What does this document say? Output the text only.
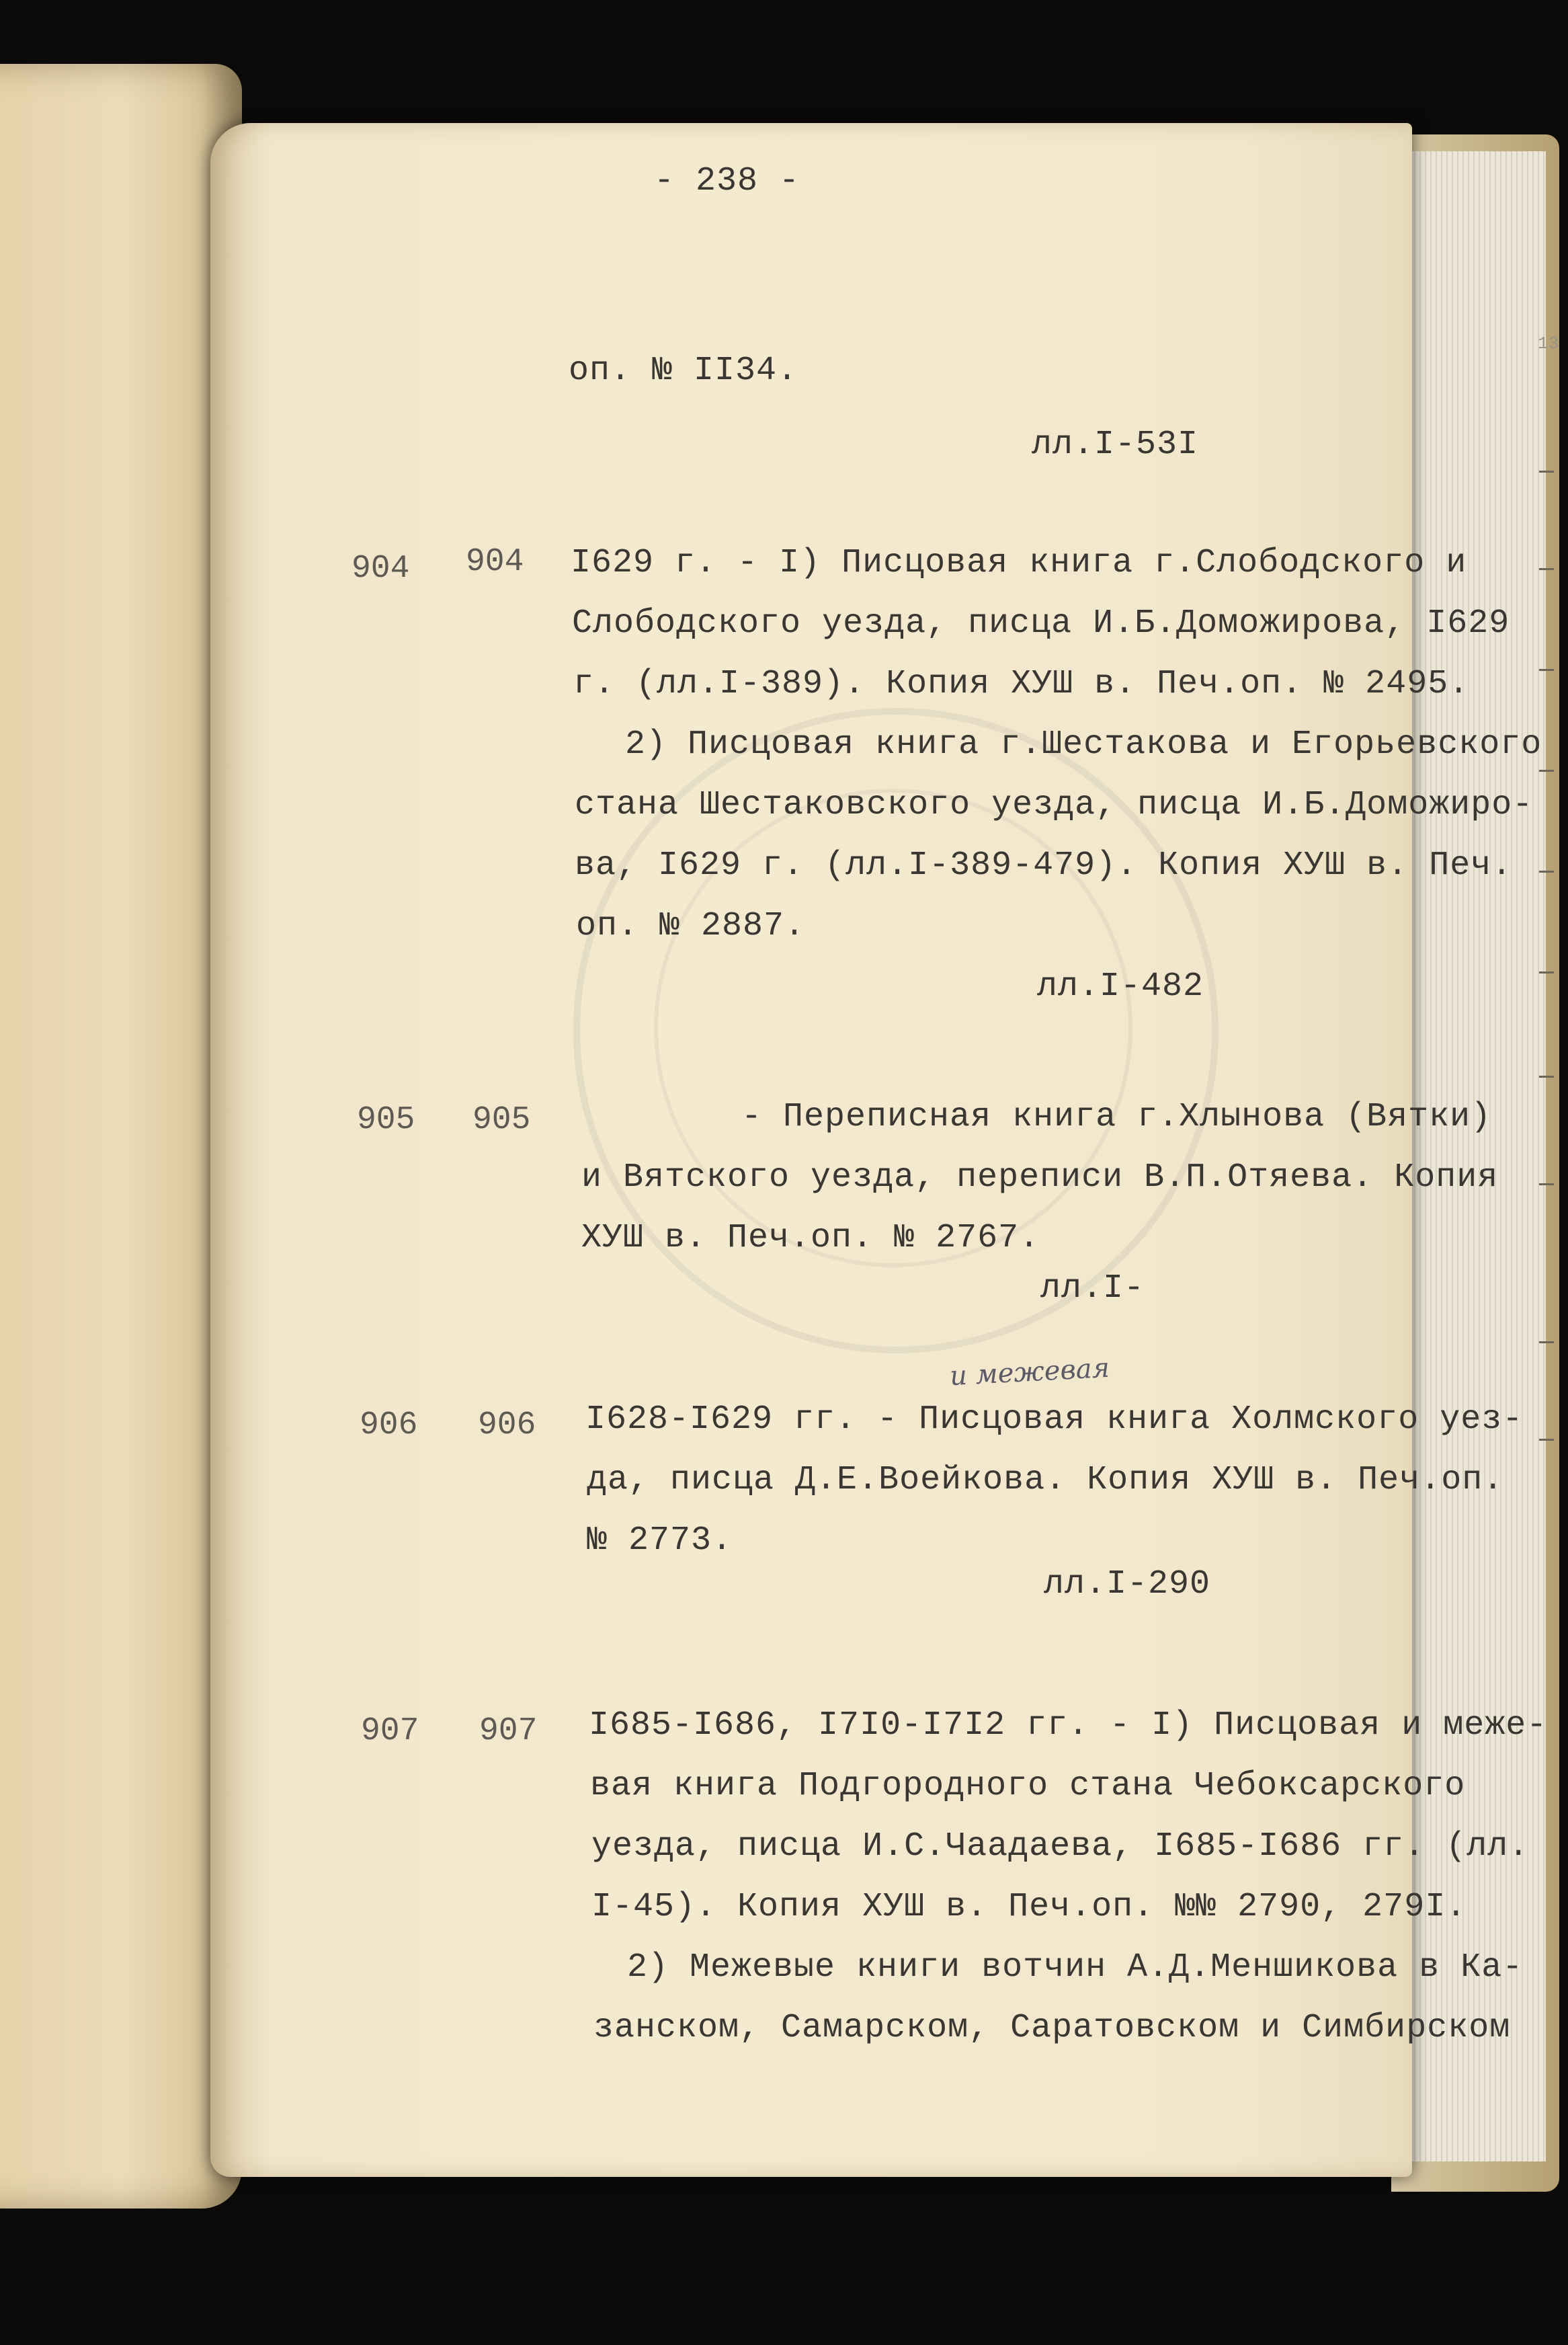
13
- 238 -
оп. № II34.
лл.I-53I
904 904 I629 г. - I) Писцовая книга г.Слободского и
Слободского уезда, писца И.Б.Доможирова, I629
г. (лл.I-389). Копия ХУШ в. Печ.оп. № 2495.
2) Писцовая книга г.Шестакова и Егорьевского
стана Шестаковского уезда, писца И.Б.Доможиро-
ва, I629 г. (лл.I-389-479). Копия ХУШ в. Печ.
оп. № 2887.
лл.I-482
905 905	- Переписная книга г.Хлынова (Вятки)
и Вятского уезда, переписи В.П.Отяева. Копия
ХУШ в. Печ.оп. № 2767.
лл.I-
906 906
и межевая
I628-I629 гг. - Писцовая книга Холмского уез-
да, писца Д.Е.Воейкова. Копия ХУШ в. Печ.оп.
№ 2773.
лл.I-290
907 907 I685-I686, I7I0-I7I2 гг. - I) Писцовая и меже-
вая книга Подгородного стана Чебоксарского
уезда, писца И.С.Чаадаева, I685-I686 гг. (лл.
I-45). Копия ХУШ в. Печ.оп. №№ 2790, 279I.
2) Межевые книги вотчин А.Д.Меншикова в Ка-
занском, Самарском, Саратовском и Симбирском
